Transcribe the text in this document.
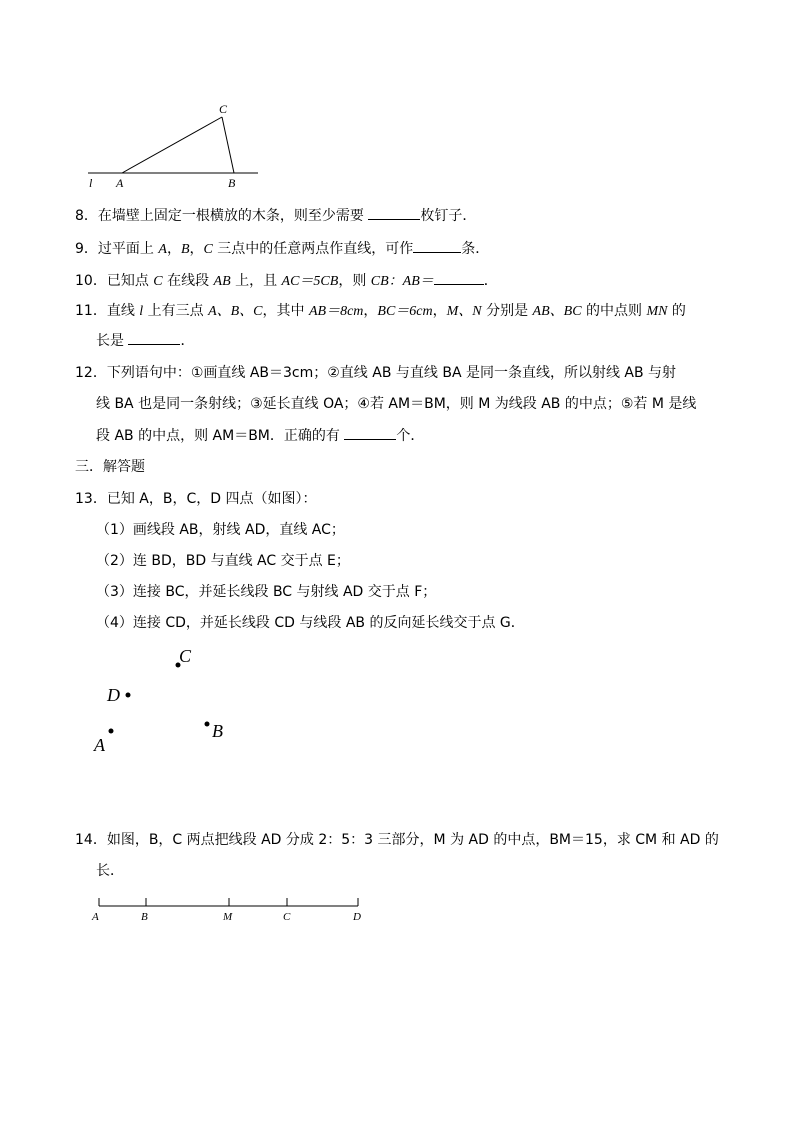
l A	B
C
8．在墙壁上固定一根横放的木条，则至少需要	枚钉子．
9．过平面上 A，B，C 三点中的任意两点作直线，可作	条．
10．已知点 C 在线段 AB 上，且 AC＝5CB，则 CB：AB＝	．
11．直线 l 上有三点 A、B、C，其中 AB＝8cm，BC＝6cm，M、N 分别是 AB、BC 的中点则 MN 的
长是	．
12．下列语句中：①画直线 AB＝3cm；②直线 AB 与直线 BA 是同一条直线，所以射线 AB 与射
线 BA 也是同一条射线；③延长直线 OA；④若 AM＝BM，则 M 为线段 AB 的中点；⑤若 M 是线
段 AB 的中点，则 AM＝BM．正确的有	个．
三．解答题
13．已知 A，B，C，D 四点（如图）：
（1）画线段 AB，射线 AD，直线 AC；
（2）连 BD，BD 与直线 AC 交于点 E；
（3）连接 BC，并延长线段 BC 与射线 AD 交于点 F；
（4）连接 CD，并延长线段 CD 与线段 AB 的反向延长线交于点 G．
C
D
A
B
14．如图，B，C 两点把线段 AD 分成 2：5：3 三部分，M 为 AD 的中点，BM＝15，求 CM 和 AD 的
长．
A	B	M	C	D
